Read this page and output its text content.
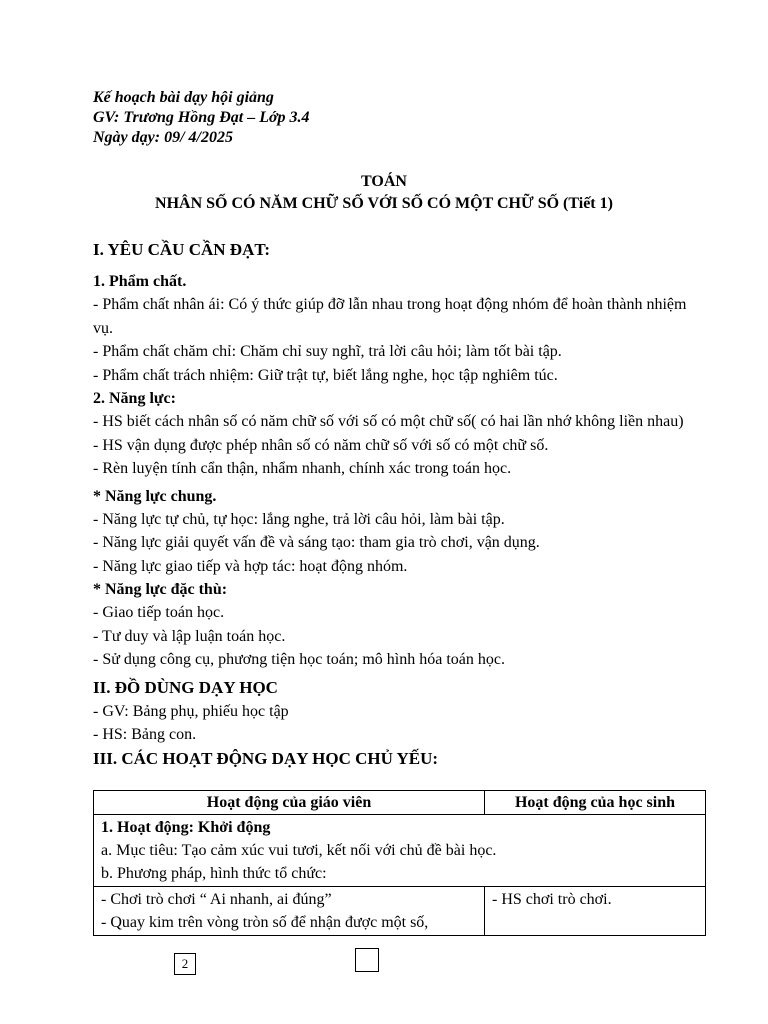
Kế hoạch bài dạy hội giảng
GV: Trương Hồng Đạt – Lớp 3.4
Ngày dạy: 09/ 4/2025
TOÁN
NHÂN SỐ CÓ NĂM CHỮ SỐ VỚI SỐ CÓ MỘT CHỮ SỐ (Tiết 1)

I. YÊU CẦU CẦN ĐẠT:

1. Phẩm chất.

- Phẩm chất nhân ái: Có ý thức giúp đỡ lẫn nhau trong hoạt động nhóm để hoàn thành nhiệm vụ.

- Phẩm chất chăm chỉ: Chăm chỉ suy nghĩ, trả lời câu hỏi; làm tốt bài tập.

- Phẩm chất trách nhiệm: Giữ trật tự, biết lắng nghe, học tập nghiêm túc.

2. Năng lực:

- HS biết cách nhân số có năm chữ số với số có một chữ số( có hai lần nhớ không liền nhau)

- HS vận dụng được phép nhân số có năm chữ số với số có một chữ số.

- Rèn luyện tính cẩn thận, nhẩm nhanh, chính xác trong toán học.

* Năng lực chung.

- Năng lực tự chủ, tự học: lắng nghe, trả lời câu hỏi, làm bài tập.

- Năng lực giải quyết vấn đề và sáng tạo: tham gia trò chơi, vận dụng.

- Năng lực giao tiếp và hợp tác: hoạt động nhóm.

* Năng lực đặc thù:

- Giao tiếp toán học.

- Tư duy và lập luận toán học.

- Sử dụng công cụ, phương tiện học toán; mô hình hóa toán học.

II. ĐỒ DÙNG DẠY HỌC

- GV: Bảng phụ, phiếu học tập

- HS: Bảng con.

III. CÁC HOẠT ĐỘNG DẠY HỌC CHỦ YẾU:

Hoạt động của giáo viên	Hoạt động của học sinh

1. Hoạt động: Khởi động
a. Mục tiêu: Tạo cảm xúc vui tươi, kết nối với chủ đề bài học.
b. Phương pháp, hình thức tổ chức:	

- Chơi trò chơi “ Ai nhanh, ai đúng”
- Quay kim trên vòng tròn số để nhận được một số,	- HS chơi trò chơi.
2
